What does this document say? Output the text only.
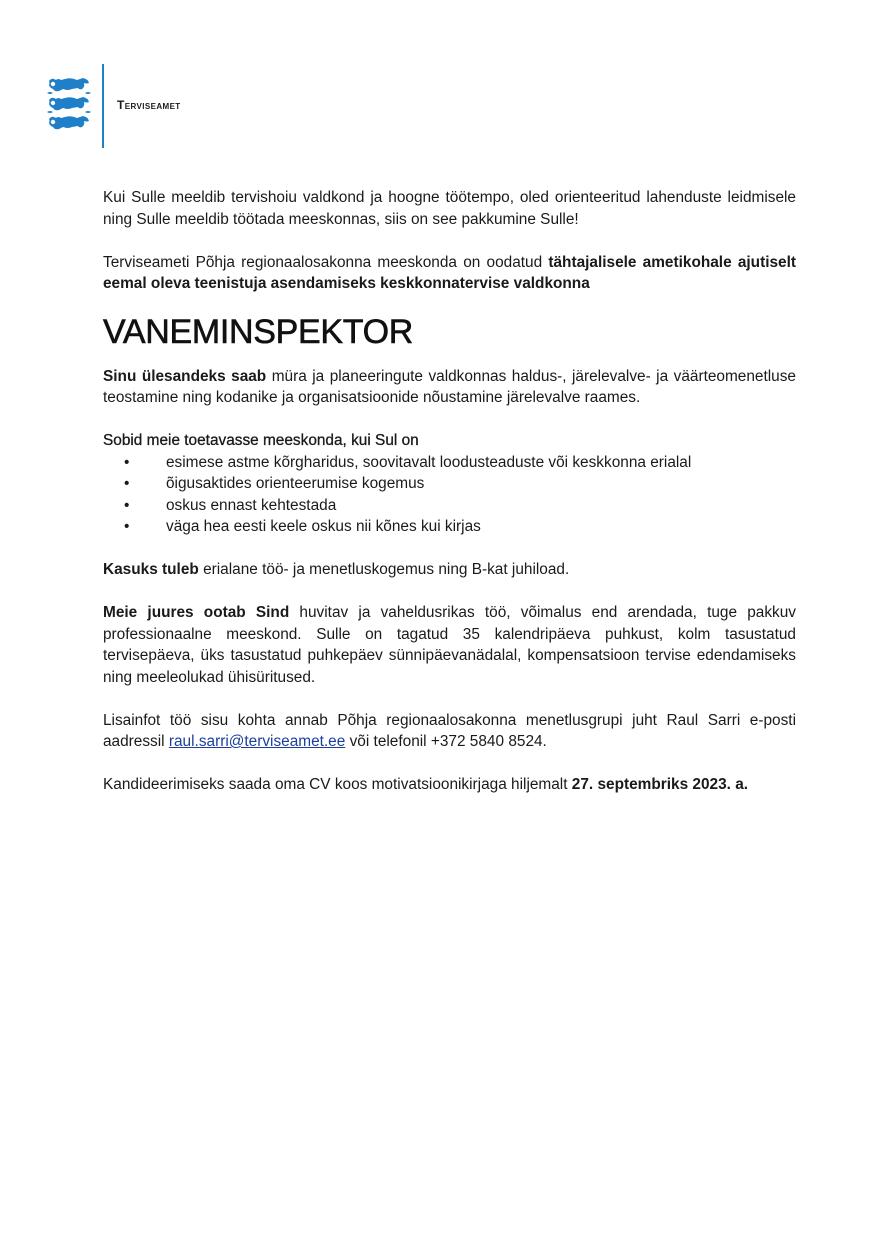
Terviseamet

Kui Sulle meeldib tervishoiu valdkond ja hoogne töötempo, oled orienteeritud lahenduste leidmisele ning Sulle meeldib töötada meeskonnas, siis on see pakkumine Sulle!

Terviseameti Põhja regionaalosakonna meeskonda on oodatud tähtajalisele ametikohale ajutiselt eemal oleva teenistuja asendamiseks keskkonnatervise valdkonna

VANEMINSPEKTOR

Sinu ülesandeks saab müra ja planeeringute valdkonnas haldus-, järelevalve- ja väärteomenetluse teostamine ning kodanike ja organisatsioonide nõustamine järelevalve raames.

Sobid meie toetavasse meeskonda, kui Sul on

• esimese astme kõrgharidus, soovitavalt loodusteaduste või keskkonna erialal
• õigusaktides orienteerumise kogemus
• oskus ennast kehtestada
• väga hea eesti keele oskus nii kõnes kui kirjas

Kasuks tuleb erialane töö- ja menetluskogemus ning B-kat juhiload.

Meie juures ootab Sind huvitav ja vaheldusrikas töö, võimalus end arendada, tuge pakkuv professionaalne meeskond. Sulle on tagatud 35 kalendripäeva puhkust, kolm tasustatud tervisepäeva, üks tasustatud puhkepäev sünnipäevanädalal, kompensatsioon tervise edendamiseks ning meeleolukad ühisüritused.

Lisainfot töö sisu kohta annab Põhja regionaalosakonna menetlusgrupi juht Raul Sarri e-posti aadressil raul.sarri@terviseamet.ee või telefonil +372 5840 8524.

Kandideerimiseks saada oma CV koos motivatsioonikirjaga hiljemalt 27. septembriks 2023. a.
